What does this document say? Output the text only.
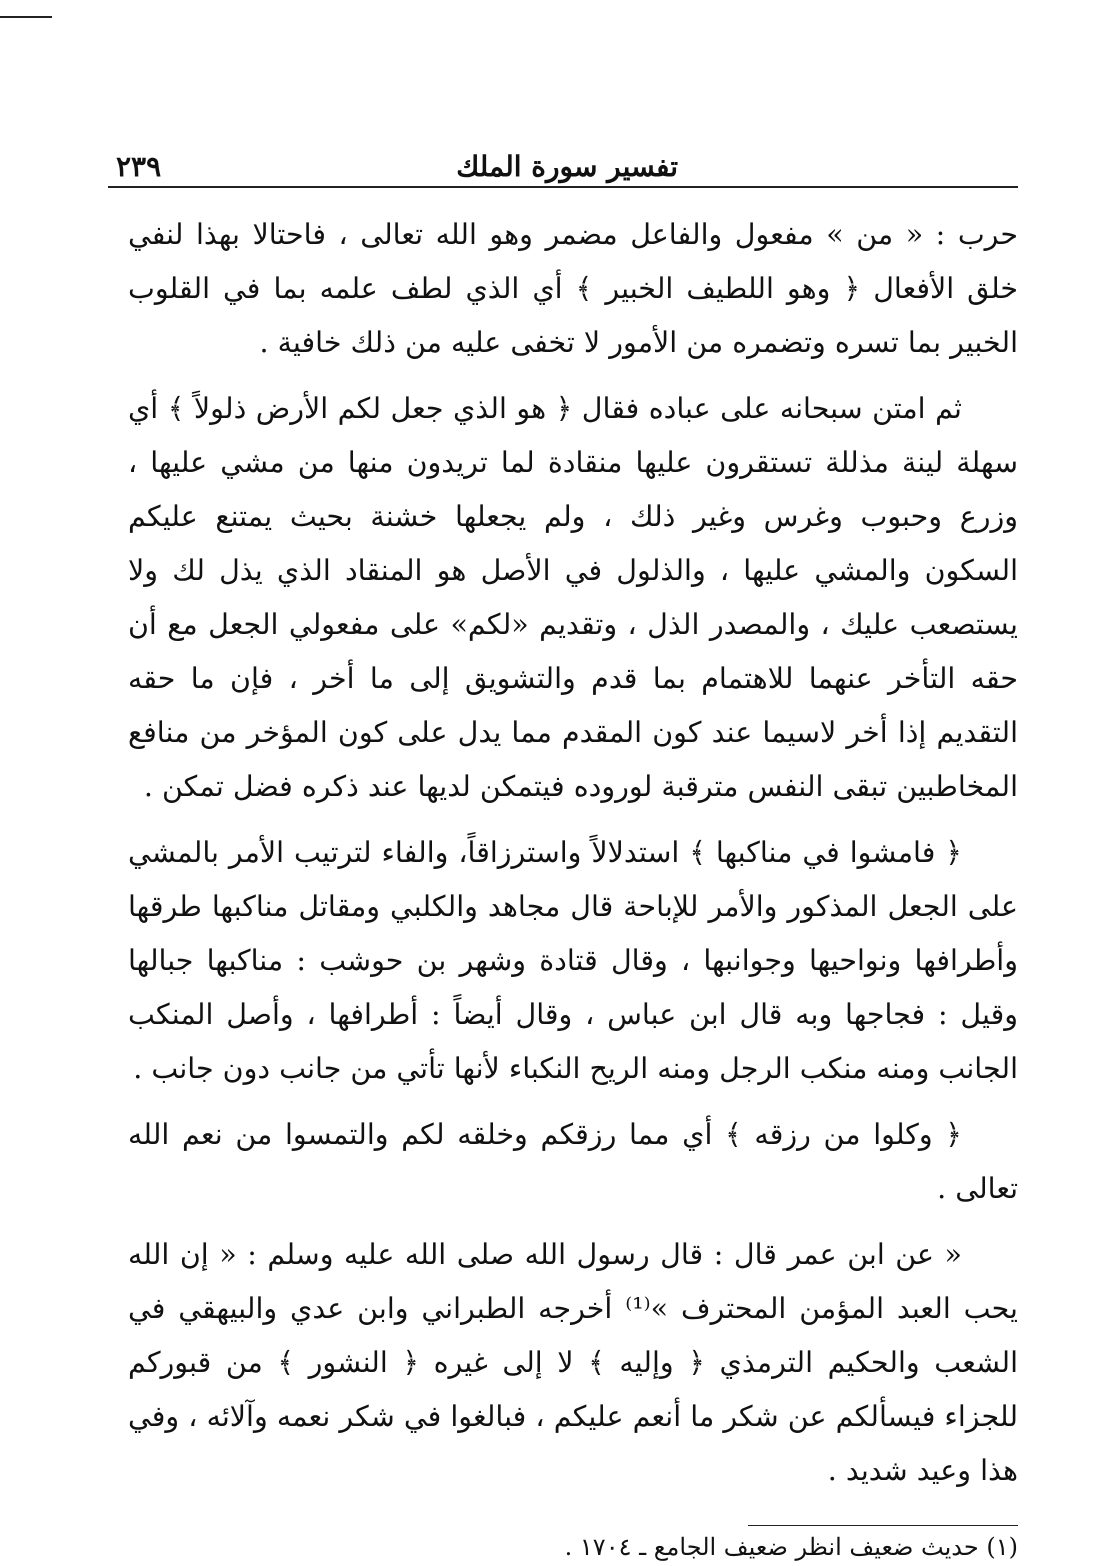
تفسير سورة الملك
٢٣٩

حرب : « من » مفعول والفاعل مضمر وهو الله تعالى ، فاحتالا بهذا لنفي خلق الأفعال ﴿ وهو اللطيف الخبير ﴾ أي الذي لطف علمه بما في القلوب الخبير بما تسره وتضمره من الأمور لا تخفى عليه من ذلك خافية .

ثم امتن سبحانه على عباده فقال ﴿ هو الذي جعل لكم الأرض ذلولاً ﴾ أي سهلة لينة مذللة تستقرون عليها منقادة لما تريدون منها من مشي عليها ، وزرع وحبوب وغرس وغير ذلك ، ولم يجعلها خشنة بحيث يمتنع عليكم السكون والمشي عليها ، والذلول في الأصل هو المنقاد الذي يذل لك ولا يستصعب عليك ، والمصدر الذل ، وتقديم «لكم» على مفعولي الجعل مع أن حقه التأخر عنهما للاهتمام بما قدم والتشويق إلى ما أخر ، فإن ما حقه التقديم إذا أخر لاسيما عند كون المقدم مما يدل على كون المؤخر من منافع المخاطبين تبقى النفس مترقبة لوروده فيتمكن لديها عند ذكره فضل تمكن .

﴿ فامشوا في مناكبها ﴾ استدلالاً واسترزاقاً، والفاء لترتيب الأمر بالمشي على الجعل المذكور والأمر للإباحة قال مجاهد والكلبي ومقاتل مناكبها طرقها وأطرافها ونواحيها وجوانبها ، وقال قتادة وشهر بن حوشب : مناكبها جبالها وقيل : فجاجها وبه قال ابن عباس ، وقال أيضاً : أطرافها ، وأصل المنكب الجانب ومنه منكب الرجل ومنه الريح النكباء لأنها تأتي من جانب دون جانب .

﴿ وكلوا من رزقه ﴾ أي مما رزقكم وخلقه لكم والتمسوا من نعم الله تعالى .

« عن ابن عمر قال : قال رسول الله صلى الله عليه وسلم : « إن الله يحب العبد المؤمن المحترف »⁽¹⁾ أخرجه الطبراني وابن عدي والبيهقي في الشعب والحكيم الترمذي ﴿ وإليه ﴾ لا إلى غيره ﴿ النشور ﴾ من قبوركم للجزاء فيسألكم عن شكر ما أنعم عليكم ، فبالغوا في شكر نعمه وآلائه ، وفي هذا وعيد شديد .

(١) حديث ضعيف انظر ضعيف الجامع ـ ١٧٠٤ .
